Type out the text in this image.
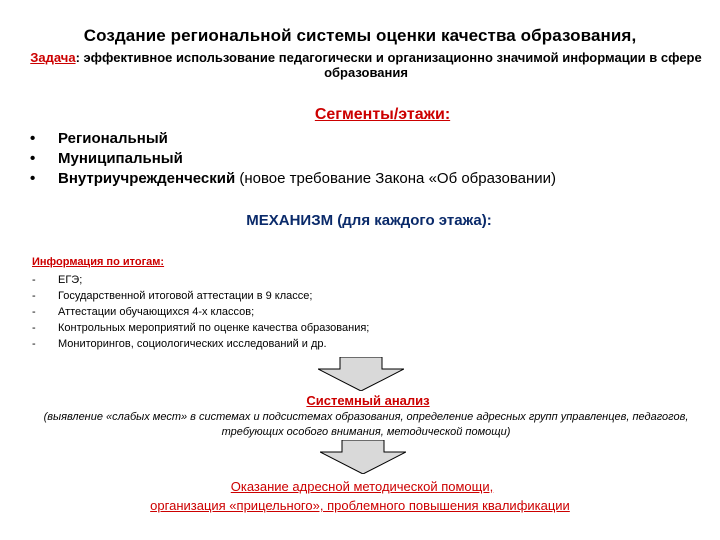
Создание региональной системы оценки качества образования,
Задача: эффективное использование педагогически и организационно значимой информации в сфере образования
Сегменты/этажи:
• Региональный
• Муниципальный
• Внутриучрежденческий (новое требование Закона «Об образовании)
МЕХАНИЗМ (для каждого этажа):
Информация по итогам:
- ЕГЭ;
- Государственной итоговой аттестации в 9 классе;
- Аттестации обучающихся 4-х классов;
- Контрольных мероприятий по оценке качества образования;
- Мониторингов, социологических исследований и др.
Системный анализ
(выявление «слабых мест» в системах и подсистемах образования, определение адресных групп управленцев, педагогов, требующих особого внимания, методической помощи)
Оказание адресной методической помощи,
организация «прицельного», проблемного повышения квалификации
